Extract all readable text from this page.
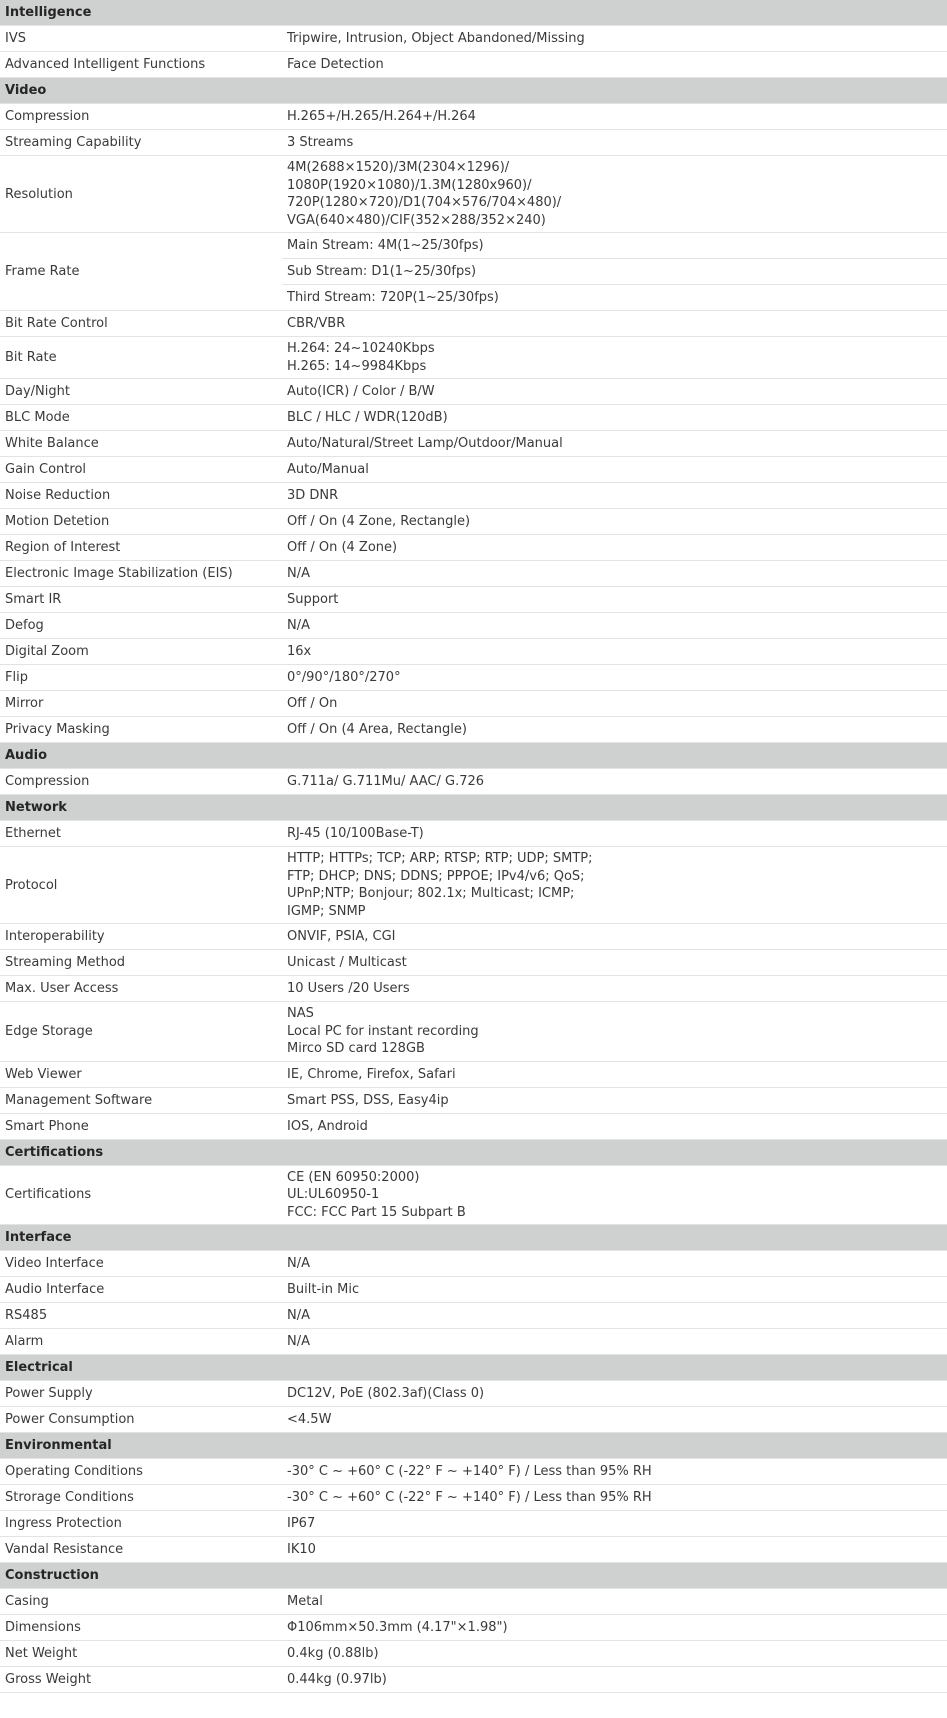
Intelligence	
IVS	Tripwire, Intrusion, Object Abandoned/Missing

Advanced Intelligent Functions	Face Detection

Video	
Compression	H.265+/H.265/H.264+/H.264

Streaming Capability	3 Streams

Resolution	4M(2688×1520)/3M(2304×1296)/
1080P(1920×1080)/1.3M(1280x960)/
720P(1280×720)/D1(704×576/704×480)/
VGA(640×480)/CIF(352×288/352×240)

Frame Rate	Main Stream: 4M(1~25/30fps)
	Sub Stream: D1(1~25/30fps)
	Third Stream: 720P(1~25/30fps)
Bit Rate Control	CBR/VBR

Bit Rate	H.264: 24~10240Kbps
H.265: 14~9984Kbps

Day/Night	Auto(ICR) / Color / B/W

BLC Mode	BLC / HLC / WDR(120dB)

White Balance	Auto/Natural/Street Lamp/Outdoor/Manual

Gain Control	Auto/Manual

Noise Reduction	3D DNR

Motion Detetion	Off / On (4 Zone, Rectangle)

Region of Interest	Off / On (4 Zone)

Electronic Image Stabilization (EIS)	N/A

Smart IR	Support

Defog	N/A

Digital Zoom	16x

Flip	0°/90°/180°/270°

Mirror	Off / On

Privacy Masking	Off / On (4 Area, Rectangle)

Audio	
Compression	G.711a/ G.711Mu/ AAC/ G.726

Network	
Ethernet	RJ-45 (10/100Base-T)

Protocol	HTTP; HTTPs; TCP; ARP; RTSP; RTP; UDP; SMTP;
FTP; DHCP; DNS; DDNS; PPPOE; IPv4/v6; QoS;
UPnP;NTP; Bonjour; 802.1x; Multicast; ICMP;
IGMP; SNMP

Interoperability	ONVIF, PSIA, CGI

Streaming Method	Unicast / Multicast

Max. User Access	10 Users /20 Users

Edge Storage	NAS
Local PC for instant recording
Mirco SD card 128GB

Web Viewer	IE, Chrome, Firefox, Safari

Management Software	Smart PSS, DSS, Easy4ip

Smart Phone	IOS, Android

Certifications	
Certifications	CE (EN 60950:2000)
UL:UL60950-1
FCC: FCC Part 15 Subpart B

Interface	
Video Interface	N/A

Audio Interface	Built-in Mic

RS485	N/A

Alarm	N/A

Electrical	
Power Supply	DC12V, PoE (802.3af)(Class 0)

Power Consumption	<4.5W

Environmental	
Operating Conditions	-30° C ~ +60° C (-22° F ~ +140° F) / Less than 95% RH

Strorage Conditions	-30° C ~ +60° C (-22° F ~ +140° F) / Less than 95% RH

Ingress Protection	IP67

Vandal Resistance	IK10

Construction	
Casing	Metal

Dimensions	Φ106mm×50.3mm (4.17"×1.98")

Net Weight	0.4kg (0.88lb)

Gross Weight	0.44kg (0.97lb)
